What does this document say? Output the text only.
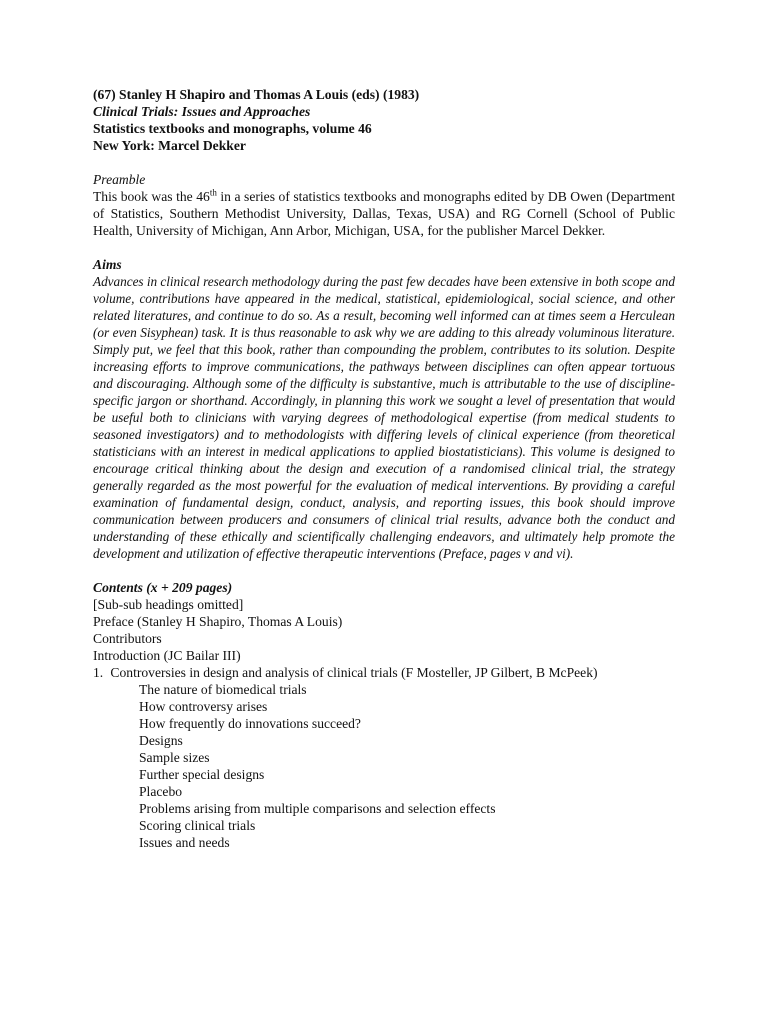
(67) Stanley H Shapiro and Thomas A Louis (eds) (1983)

Clinical Trials: Issues and Approaches

Statistics textbooks and monographs, volume 46

New York: Marcel Dekker

Preamble

This book was the 46th in a series of statistics textbooks and monographs edited by DB Owen (Department of Statistics, Southern Methodist University, Dallas, Texas, USA) and RG Cornell (School of Public Health, University of Michigan, Ann Arbor, Michigan, USA, for the publisher Marcel Dekker.

Aims

Advances in clinical research methodology during the past few decades have been extensive in both scope and volume, contributions have appeared in the medical, statistical, epidemiological, social science, and other related literatures, and continue to do so. As a result, becoming well informed can at times seem a Herculean (or even Sisyphean) task. It is thus reasonable to ask why we are adding to this already voluminous literature. Simply put, we feel that this book, rather than compounding the problem, contributes to its solution. Despite increasing efforts to improve communications, the pathways between disciplines can often appear tortuous and discouraging. Although some of the difficulty is substantive, much is attributable to the use of discipline-specific jargon or shorthand. Accordingly, in planning this work we sought a level of presentation that would be useful both to clinicians with varying degrees of methodological expertise (from medical students to seasoned investigators) and to methodologists with differing levels of clinical experience (from theoretical statisticians with an interest in medical applications to applied biostatisticians). This volume is designed to encourage critical thinking about the design and execution of a randomised clinical trial, the strategy generally regarded as the most powerful for the evaluation of medical interventions. By providing a careful examination of fundamental design, conduct, analysis, and reporting issues, this book should improve communication between producers and consumers of clinical trial results, advance both the conduct and understanding of these ethically and scientifically challenging endeavors, and ultimately help promote the development and utilization of effective therapeutic interventions (Preface, pages v and vi).

Contents (x + 209 pages)

[Sub-sub headings omitted]

Preface (Stanley H Shapiro, Thomas A Louis)

Contributors

Introduction (JC Bailar III)

1. Controversies in design and analysis of clinical trials (F Mosteller, JP Gilbert, B McPeek)

The nature of biomedical trials

How controversy arises

How frequently do innovations succeed?

Designs

Sample sizes

Further special designs

Placebo

Problems arising from multiple comparisons and selection effects

Scoring clinical trials

Issues and needs
